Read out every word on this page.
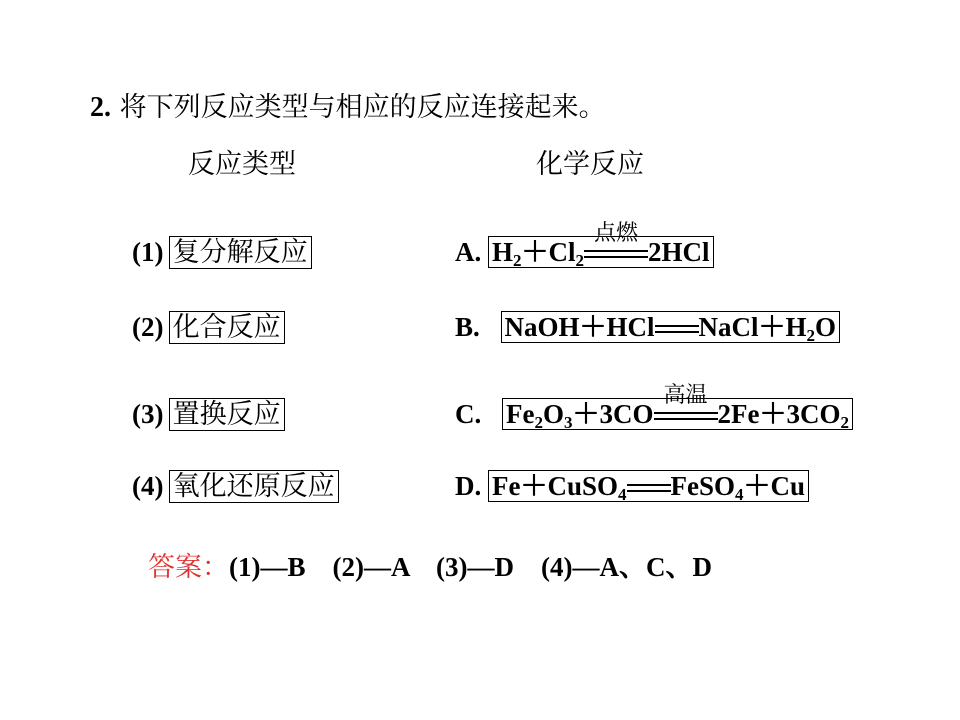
2. 将下列反应类型与相应的反应连接起来。
反应类型	化学反应
(1) 复分解反应
(2) 化合反应
(3) 置换反应
(4) 氧化还原反应
A. $H_2+Cl_2$
点燃
2HCl
B. NaOH＋HCl $NaCl+H_2O$
C. $Fe_2O_3+3CO$
高温
$2Fe+3CO_2$
D. Fe＋CuSO$_4$ FeSO$_4$＋Cu
答案：(1)—B    (2)—A    (3)—D    (4)—A、C、D
